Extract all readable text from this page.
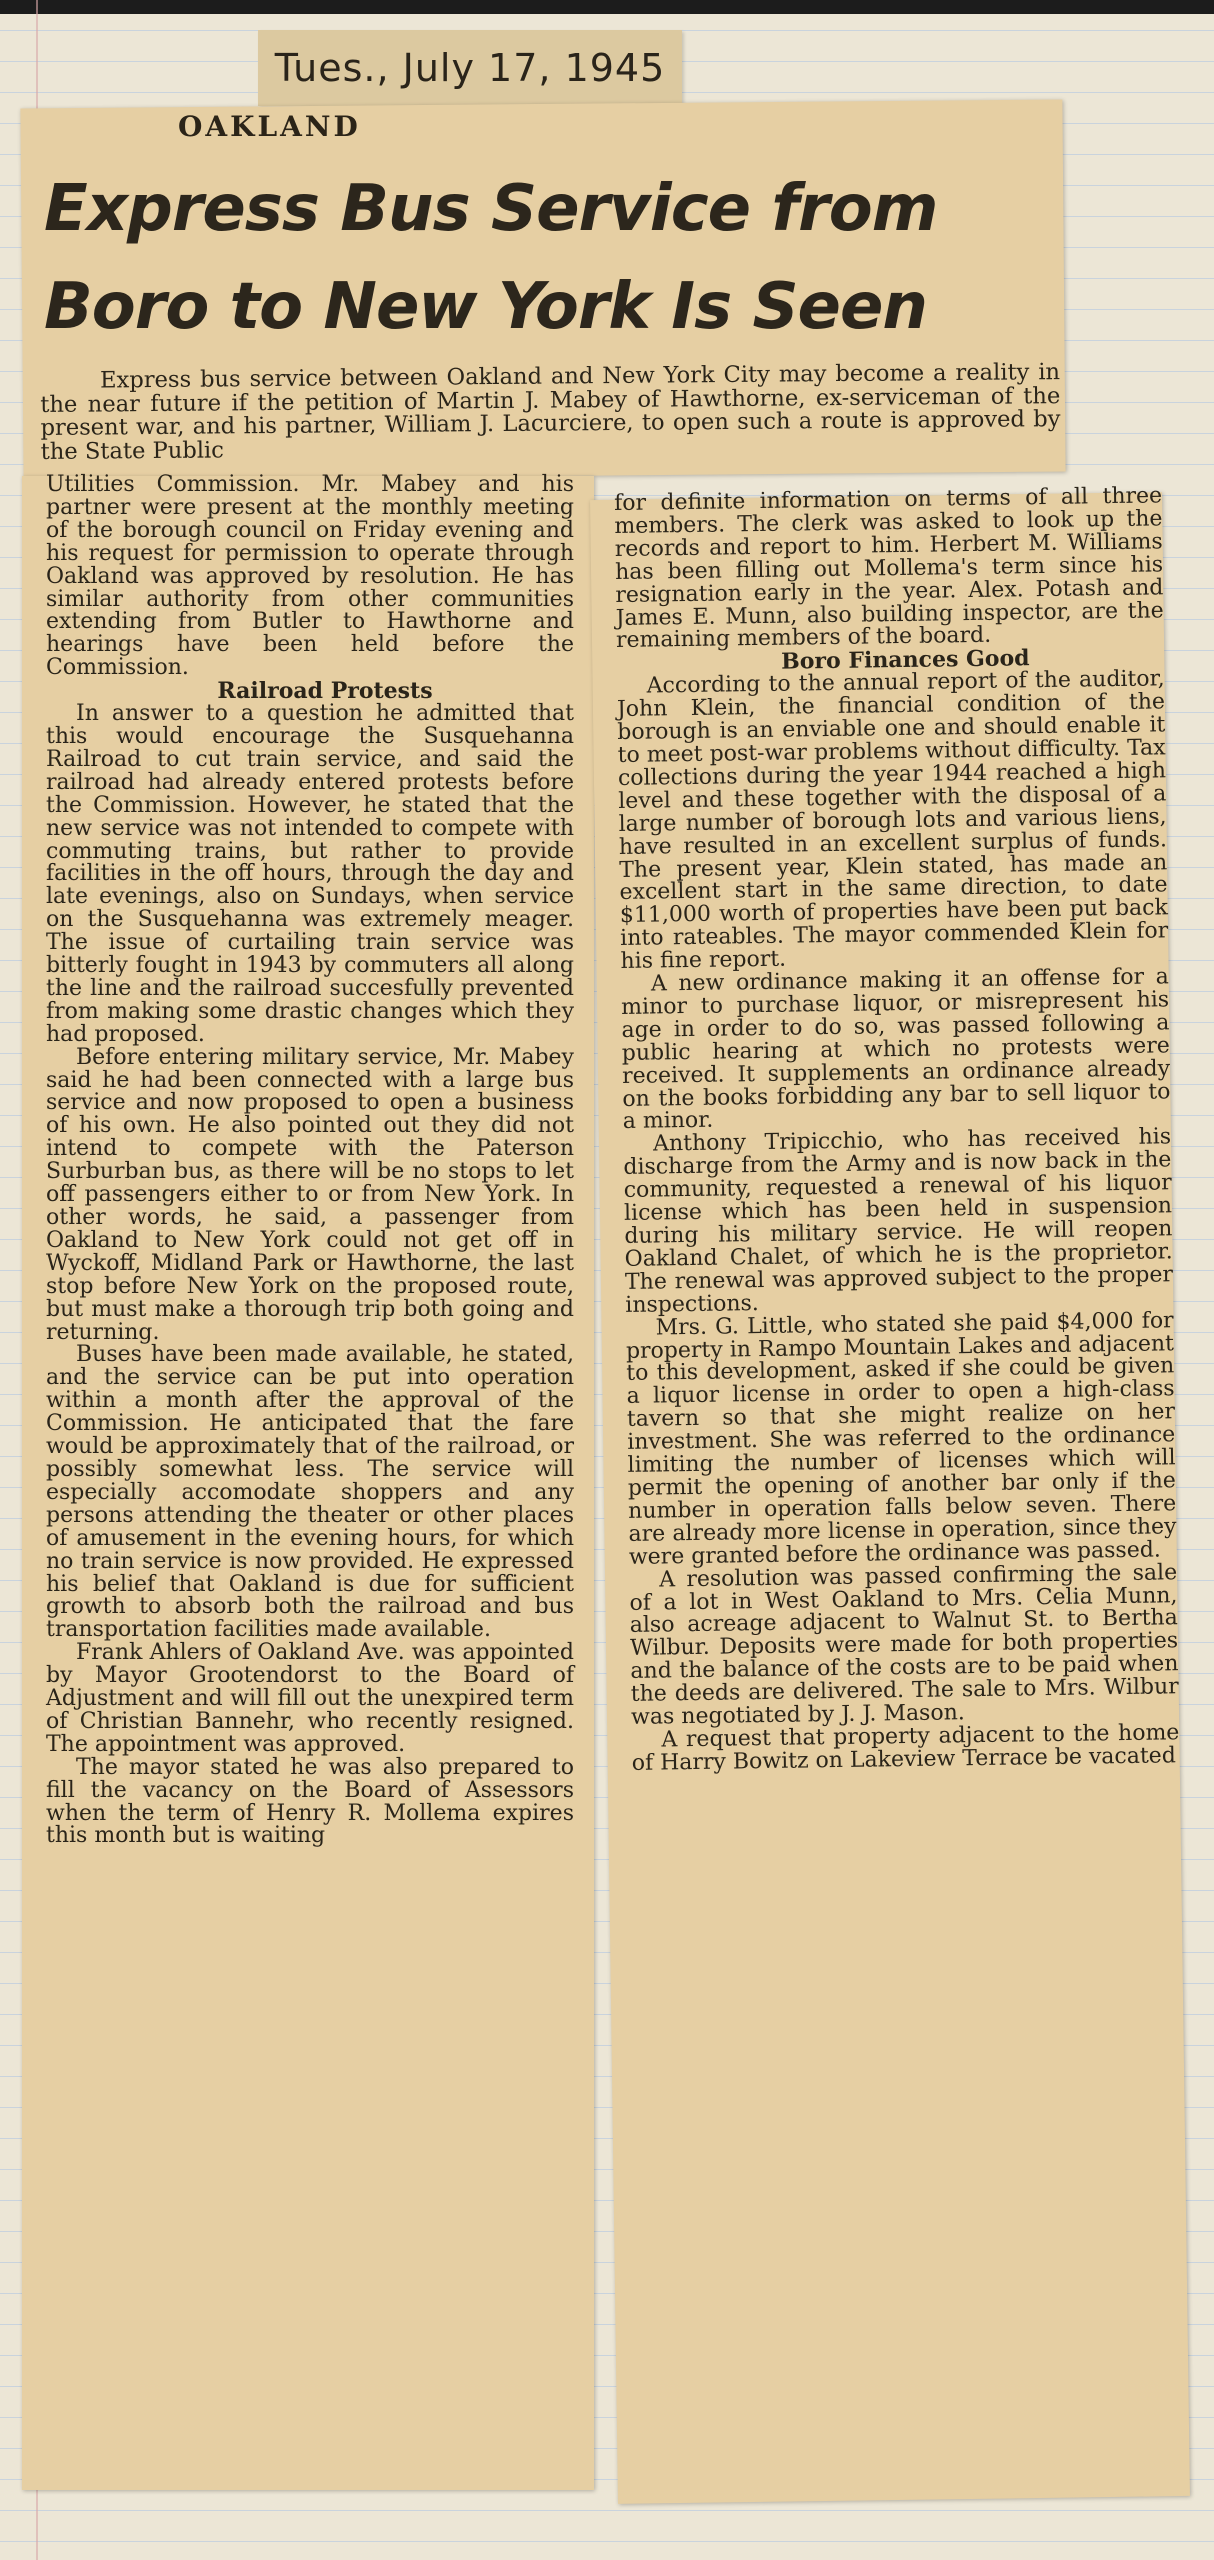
Tues., July 17, 1945
OAKLAND
Express Bus Service from
Boro to New York Is Seen

Express bus service between Oakland and New York City may become a reality in the near future if the petition of Martin J. Mabey of Hawthorne, ex-serviceman of the present war, and his partner, William J. Lacurciere, to open such a route is approved by the State Public

Utilities Commission. Mr. Mabey and his partner were present at the monthly meeting of the borough council on Friday evening and his request for permission to operate through Oakland was approved by resolution. He has similar authority from other communities extending from Butler to Hawthorne and hearings have been held before the Commission.

Railroad Protests

In answer to a question he admitted that this would encourage the Susquehanna Railroad to cut train service, and said the railroad had already entered protests before the Commission. However, he stated that the new service was not intended to compete with commuting trains, but rather to provide facilities in the off hours, through the day and late evenings, also on Sundays, when service on the Susquehanna was extremely meager. The issue of curtailing train service was bitterly fought in 1943 by commuters all along the line and the railroad succesfully prevented from making some drastic changes which they had proposed.

Before entering military service, Mr. Mabey said he had been connected with a large bus service and now proposed to open a business of his own. He also pointed out they did not intend to compete with the Paterson Surburban bus, as there will be no stops to let off passengers either to or from New York. In other words, he said, a passenger from Oakland to New York could not get off in Wyckoff, Midland Park or Hawthorne, the last stop before New York on the proposed route, but must make a thorough trip both going and returning.

Buses have been made available, he stated, and the service can be put into operation within a month after the approval of the Commission. He anticipated that the fare would be approximately that of the railroad, or possibly somewhat less. The service will especially accomodate shoppers and any persons attending the theater or other places of amusement in the evening hours, for which no train service is now provided. He expressed his belief that Oakland is due for sufficient growth to absorb both the railroad and bus transportation facilities made available.

Frank Ahlers of Oakland Ave. was appointed by Mayor Grootendorst to the Board of Adjustment and will fill out the unexpired term of Christian Bannehr, who recently resigned. The appointment was approved.

The mayor stated he was also prepared to fill the vacancy on the Board of Assessors when the term of Henry R. Mollema expires this month but is waiting

for definite information on terms of all three members. The clerk was asked to look up the records and report to him. Herbert M. Williams has been filling out Mollema's term since his resignation early in the year. Alex. Potash and James E. Munn, also building inspector, are the remaining members of the board.

Boro Finances Good

According to the annual report of the auditor, John Klein, the financial condition of the borough is an enviable one and should enable it to meet post-war problems without difficulty. Tax collections during the year 1944 reached a high level and these together with the disposal of a large number of borough lots and various liens, have resulted in an excellent surplus of funds. The present year, Klein stated, has made an excellent start in the same direction, to date $11,000 worth of properties have been put back into rateables. The mayor commended Klein for his fine report.

A new ordinance making it an offense for a minor to purchase liquor, or misrepresent his age in order to do so, was passed following a public hearing at which no protests were received. It supplements an ordinance already on the books forbidding any bar to sell liquor to a minor.

Anthony Tripicchio, who has received his discharge from the Army and is now back in the community, requested a renewal of his liquor license which has been held in suspension during his military service. He will reopen Oakland Chalet, of which he is the proprietor. The renewal was approved subject to the proper inspections.

Mrs. G. Little, who stated she paid $4,000 for property in Rampo Mountain Lakes and adjacent to this development, asked if she could be given a liquor license in order to open a high-class tavern so that she might realize on her investment. She was referred to the ordinance limiting the number of licenses which will permit the opening of another bar only if the number in operation falls below seven. There are already more license in operation, since they were granted before the ordinance was passed.

A resolution was passed confirming the sale of a lot in West Oakland to Mrs. Celia Munn, also acreage adjacent to Walnut St. to Bertha Wilbur. Deposits were made for both properties and the balance of the costs are to be paid when the deeds are delivered. The sale to Mrs. Wilbur was negotiated by J. J. Mason.

A request that property adjacent to the home of Harry Bowitz on Lakeview Terrace be vacated
